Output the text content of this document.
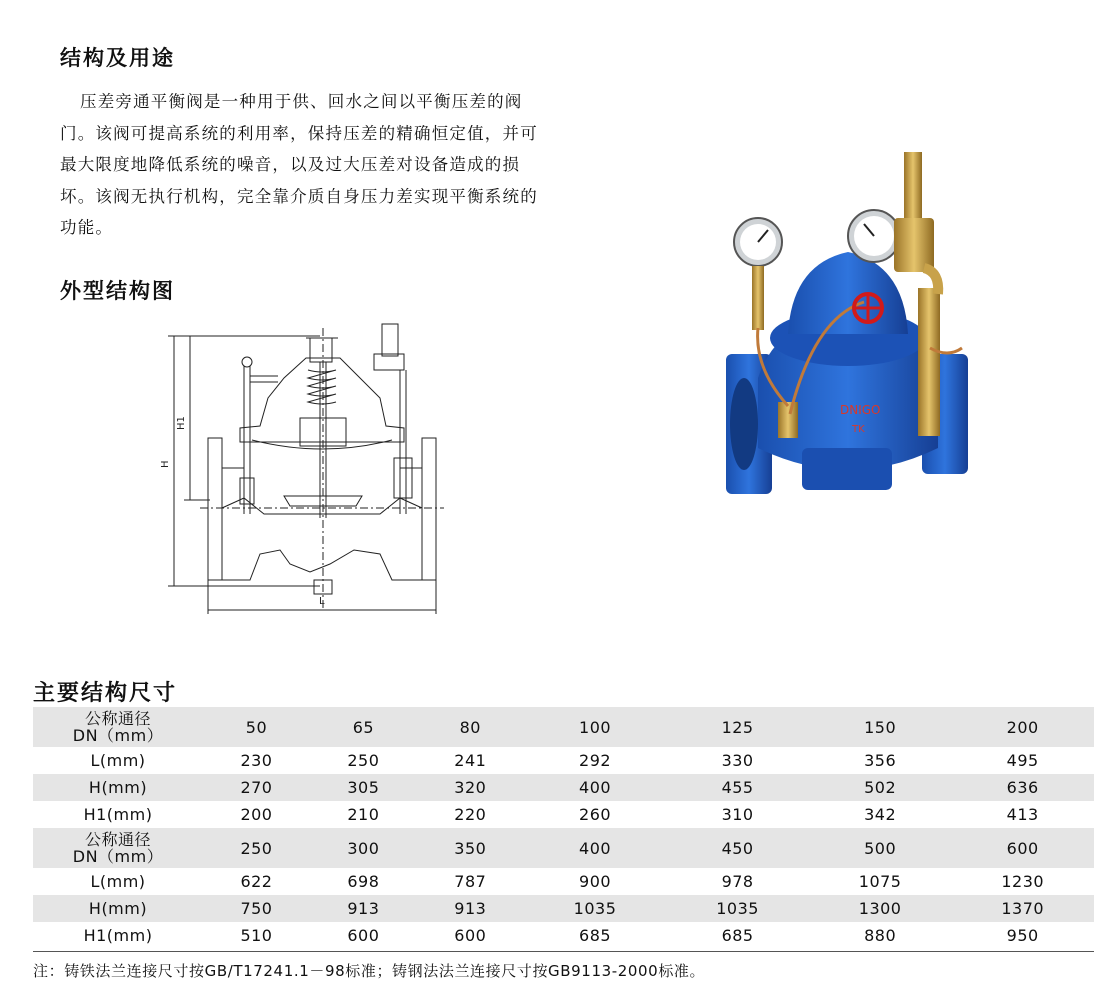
结构及用途

压差旁通平衡阀是一种用于供、回水之间以平衡压差的阀门。该阀可提高系统的利用率，保持压差的精确恒定值，并可最大限度地降低系统的噪音，以及过大压差对设备造成的损坏。该阀无执行机构，完全靠介质自身压力差实现平衡系统的功能。

外型结构图
H
H1
L
DNIGO
TK
主要结构尺寸
公称通径
DN（mm）	50	65	80	100	125	150	200
L(mm)	230	250	241	292	330	356	495
H(mm)	270	305	320	400	455	502	636
H1(mm)	200	210	220	260	310	342	413
公称通径
DN（mm）	250	300	350	400	450	500	600
L(mm)	622	698	787	900	978	1075	1230
H(mm)	750	913	913	1035	1035	1300	1370
H1(mm)	510	600	600	685	685	880	950
注：铸铁法兰连接尺寸按GB/T17241.1－98标准；铸钢法法兰连接尺寸按GB9113-2000标准。
